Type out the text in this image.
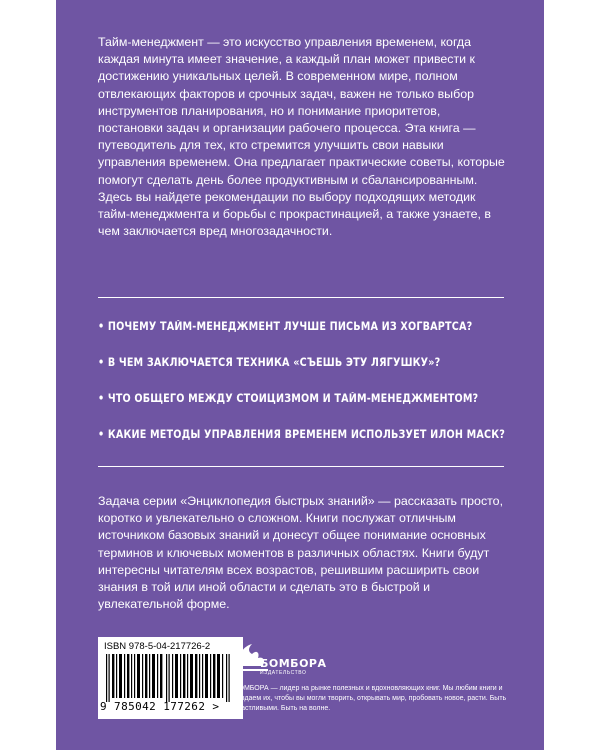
Тайм-менеджмент — это искусство управления временем, когда каждая минута имеет значение, а каждый план может привести к достижению уникальных целей. В современном мире, полном отвлекающих факторов и срочных задач, важен не только выбор инструментов планирования, но и понимание приоритетов, постановки задач и организации рабочего процесса. Эта книга — путеводитель для тех, кто стремится улучшить свои навыки управления временем. Она предлагает практические советы, которые помогут сделать день более продуктивным и сбалансированным. Здесь вы найдете рекомендации по выбору подходящих методик тайм-менеджмента и борьбы с прокрастинацией, а также узнаете, в чем заключается вред многозадачности.

• ПОЧЕМУ ТАЙМ-МЕНЕДЖМЕНТ ЛУЧШЕ ПИСЬМА ИЗ ХОГВАРТСА?
• В ЧЕМ ЗАКЛЮЧАЕТСЯ ТЕХНИКА «СЪЕШЬ ЭТУ ЛЯГУШКУ»?
• ЧТО ОБЩЕГО МЕЖДУ СТОИЦИЗМОМ И ТАЙМ-МЕНЕДЖМЕНТОМ?
• КАКИЕ МЕТОДЫ УПРАВЛЕНИЯ ВРЕМЕНЕМ ИСПОЛЬЗУЕТ ИЛОН МАСК?

Задача серии «Энциклопедия быстрых знаний» — рассказать просто, коротко и увлекательно о сложном. Книги послужат отличным источником базовых знаний и донесут общее понимание основных терминов и ключевых моментов в различных областях. Книги будут интересны читателям всех возрастов, решившим расширить свои знания в той или иной области и сделать это в быстрой и увлекательной форме.

ISBN 978-5-04-217726-2
9 785042 177262 >
БОМБОРА
ИЗДАТЕЛЬСТВО

БОМБОРА — лидер на рынке полезных и вдохновляющих книг. Мы любим книги и создаем их, чтобы вы могли творить, открывать мир, пробовать новое, расти. Быть счастливыми. Быть на волне.
